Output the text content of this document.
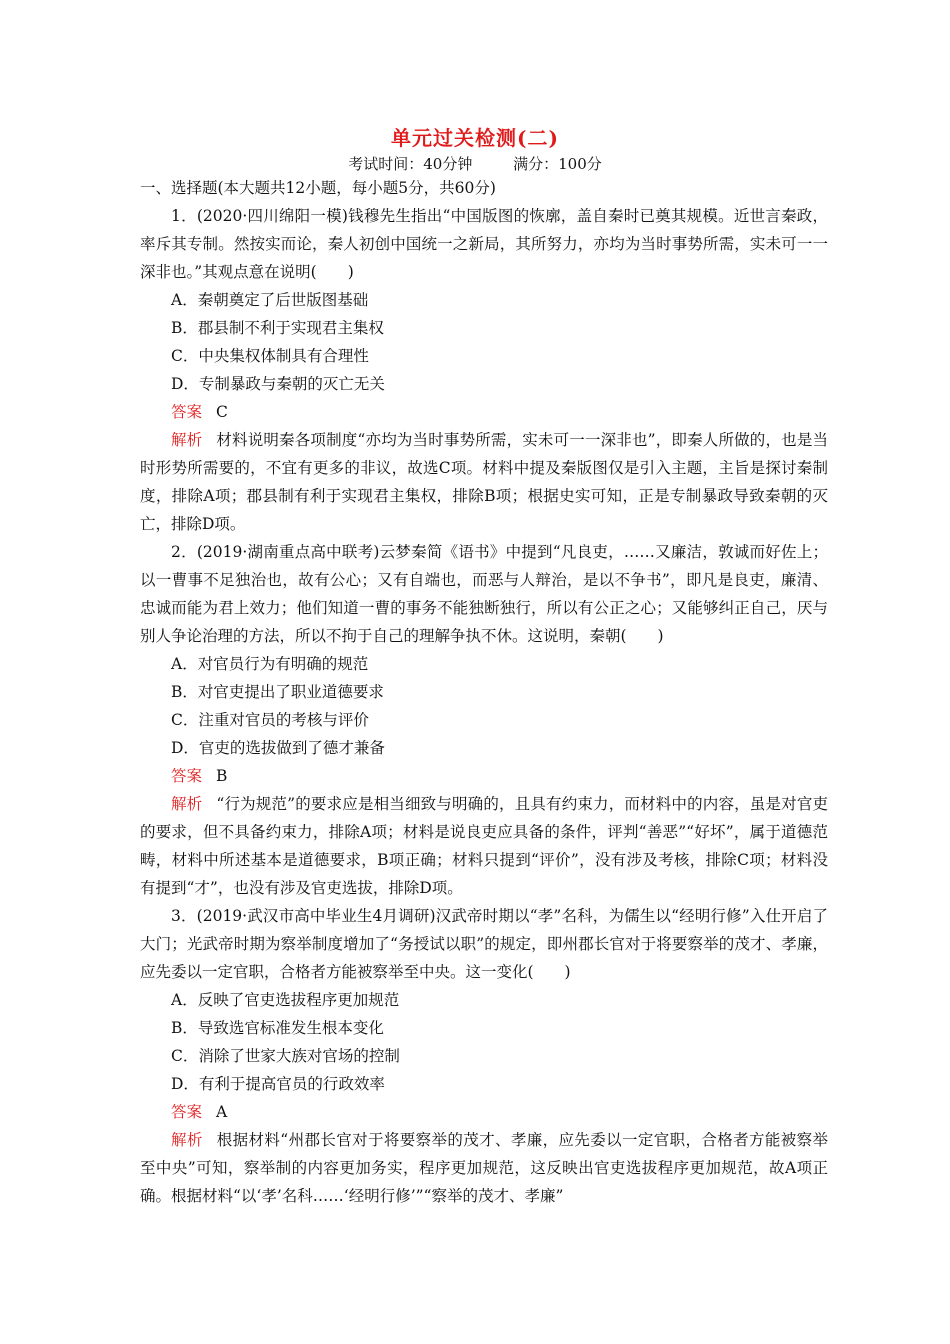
单元过关检测(二)
考试时间：40分钟	满分：100分

一、选择题(本大题共12小题，每小题5分，共60分)

1．(2020·四川绵阳一模)钱穆先生指出“中国版图的恢廓，盖自秦时已奠其规模。近世言秦政，率斥其专制。然按实而论，秦人初创中国统一之新局，其所努力，亦均为当时事势所需，实未可一一深非也。”其观点意在说明(　　)

A．秦朝奠定了后世版图基础

B．郡县制不利于实现君主集权

C．中央集权体制具有合理性

D．专制暴政与秦朝的灭亡无关

答案 C

解析 材料说明秦各项制度“亦均为当时事势所需，实未可一一深非也”，即秦人所做的，也是当时形势所需要的，不宜有更多的非议，故选C项。材料中提及秦版图仅是引入主题，主旨是探讨秦制度，排除A项；郡县制有利于实现君主集权，排除B项；根据史实可知，正是专制暴政导致秦朝的灭亡，排除D项。

2．(2019·湖南重点高中联考)云梦秦简《语书》中提到“凡良吏，……又廉洁，敦诚而好佐上；以一曹事不足独治也，故有公心；又有自端也，而恶与人辩治，是以不争书”，即凡是良吏，廉清、忠诚而能为君上效力；他们知道一曹的事务不能独断独行，所以有公正之心；又能够纠正自己，厌与别人争论治理的方法，所以不拘于自己的理解争执不休。这说明，秦朝(　　)

A．对官员行为有明确的规范

B．对官吏提出了职业道德要求

C．注重对官员的考核与评价

D．官吏的选拔做到了德才兼备

答案 B

解析 “行为规范”的要求应是相当细致与明确的，且具有约束力，而材料中的内容，虽是对官吏的要求，但不具备约束力，排除A项；材料是说良吏应具备的条件，评判“善恶”“好坏”，属于道德范畴，材料中所述基本是道德要求，B项正确；材料只提到“评价”，没有涉及考核，排除C项；材料没有提到“才”，也没有涉及官吏选拔，排除D项。

3．(2019·武汉市高中毕业生4月调研)汉武帝时期以“孝”名科，为儒生以“经明行修”入仕开启了大门；光武帝时期为察举制度增加了“务授试以职”的规定，即州郡长官对于将要察举的茂才、孝廉，应先委以一定官职，合格者方能被察举至中央。这一变化(　　)

A．反映了官吏选拔程序更加规范

B．导致选官标准发生根本变化

C．消除了世家大族对官场的控制

D．有利于提高官员的行政效率

答案 A

解析 根据材料“州郡长官对于将要察举的茂才、孝廉，应先委以一定官职，合格者方能被察举至中央”可知，察举制的内容更加务实，程序更加规范，这反映出官吏选拔程序更加规范，故A项正确。根据材料“以‘孝’名科……‘经明行修’”“察举的茂才、孝廉”
